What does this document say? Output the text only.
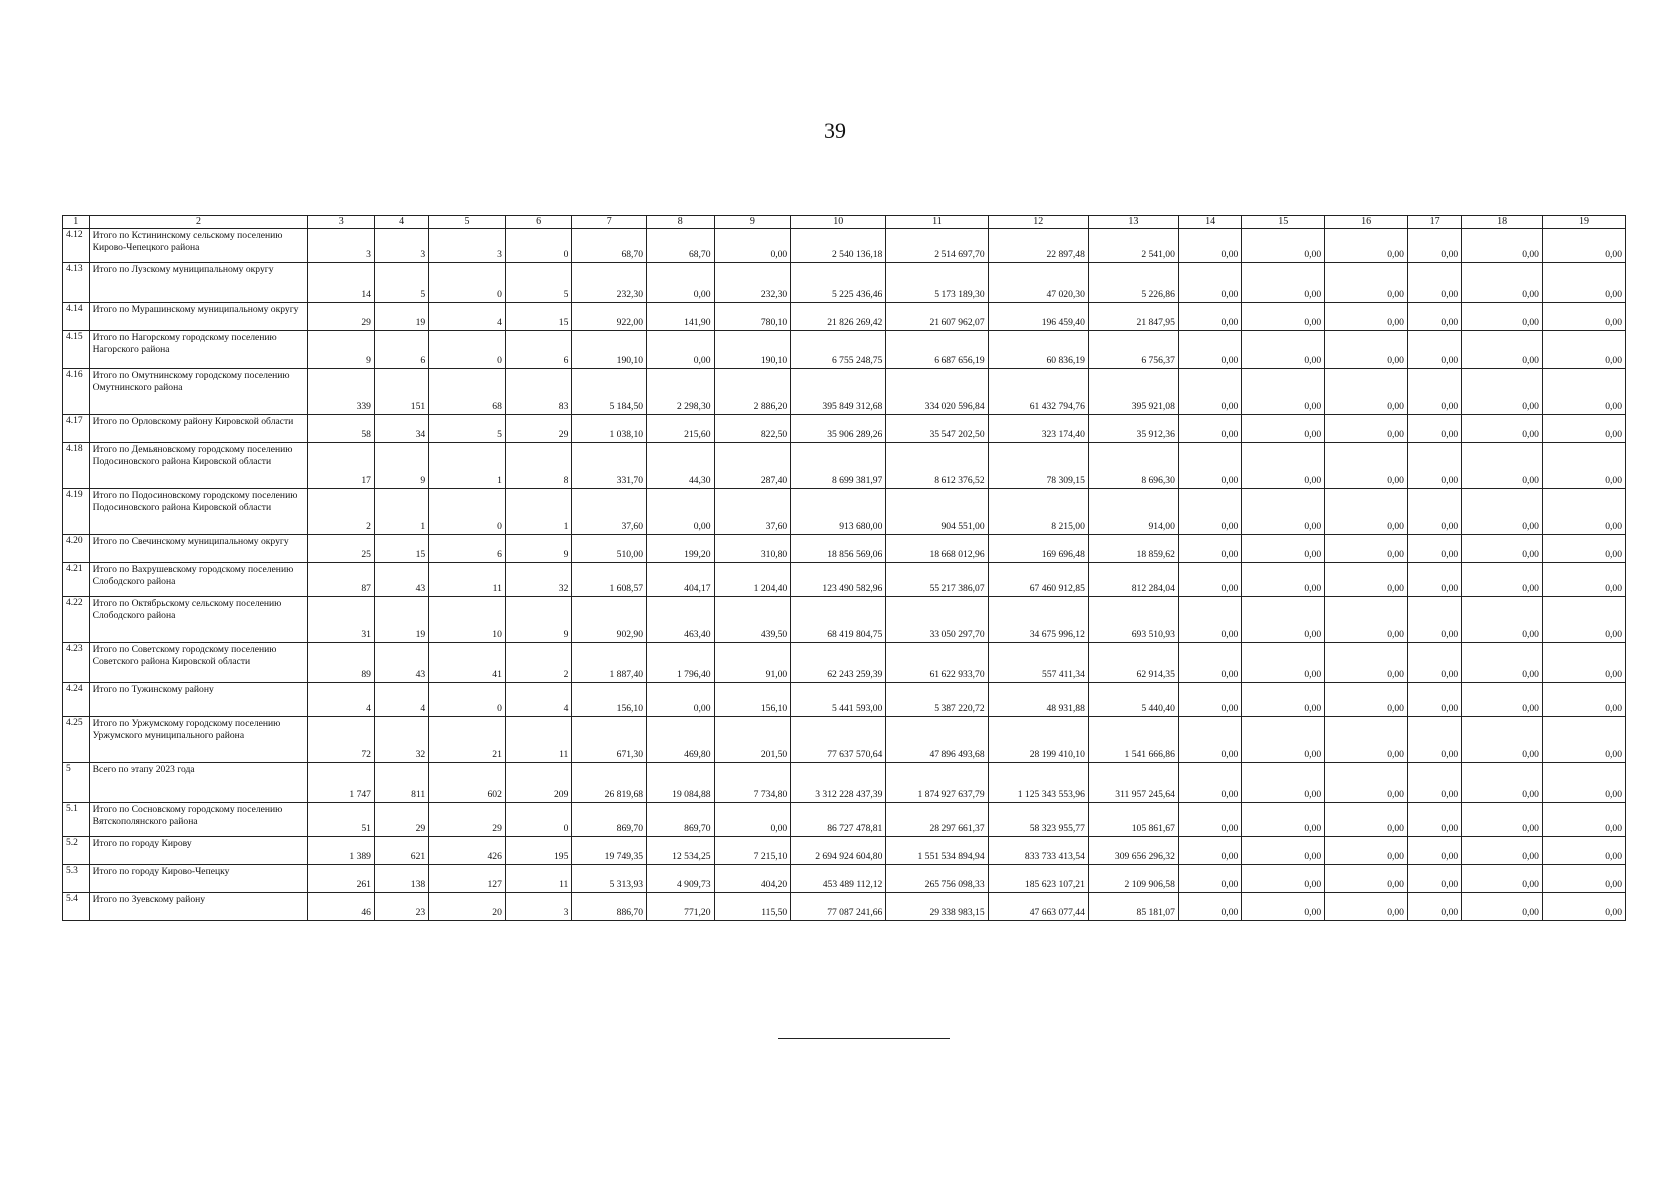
39
1	2	3	4	5	6	7	8	9	10	11	12	13	14	15	16	17	18	19
4.12	Итого по Кстининскому сельскому поселению Кирово-Чепецкого района	3	3	3	0	68,70	68,70	0,00	2 540 136,18	2 514 697,70	22 897,48	2 541,00	0,00	0,00	0,00	0,00	0,00	0,00
4.13	Итого по Лузскому муниципальному округу	14	5	0	5	232,30	0,00	232,30	5 225 436,46	5 173 189,30	47 020,30	5 226,86	0,00	0,00	0,00	0,00	0,00	0,00
4.14	Итого по Мурашинскому муниципальному округу	29	19	4	15	922,00	141,90	780,10	21 826 269,42	21 607 962,07	196 459,40	21 847,95	0,00	0,00	0,00	0,00	0,00	0,00
4.15	Итого по Нагорскому городскому поселению Нагорского района	9	6	0	6	190,10	0,00	190,10	6 755 248,75	6 687 656,19	60 836,19	6 756,37	0,00	0,00	0,00	0,00	0,00	0,00
4.16	Итого по Омутнинскому городскому поселению Омутнинского района	339	151	68	83	5 184,50	2 298,30	2 886,20	395 849 312,68	334 020 596,84	61 432 794,76	395 921,08	0,00	0,00	0,00	0,00	0,00	0,00
4.17	Итого по Орловскому району Кировской области	58	34	5	29	1 038,10	215,60	822,50	35 906 289,26	35 547 202,50	323 174,40	35 912,36	0,00	0,00	0,00	0,00	0,00	0,00
4.18	Итого по Демьяновскому городскому поселению Подосиновского района Кировской области	17	9	1	8	331,70	44,30	287,40	8 699 381,97	8 612 376,52	78 309,15	8 696,30	0,00	0,00	0,00	0,00	0,00	0,00
4.19	Итого по Подосиновскому городскому поселению Подосиновского района Кировской области	2	1	0	1	37,60	0,00	37,60	913 680,00	904 551,00	8 215,00	914,00	0,00	0,00	0,00	0,00	0,00	0,00
4.20	Итого по Свечинскому муниципальному округу	25	15	6	9	510,00	199,20	310,80	18 856 569,06	18 668 012,96	169 696,48	18 859,62	0,00	0,00	0,00	0,00	0,00	0,00
4.21	Итого по Вахрушевскому городскому поселению Слободского района	87	43	11	32	1 608,57	404,17	1 204,40	123 490 582,96	55 217 386,07	67 460 912,85	812 284,04	0,00	0,00	0,00	0,00	0,00	0,00
4.22	Итого по Октябрьскому сельскому поселению Слободского района	31	19	10	9	902,90	463,40	439,50	68 419 804,75	33 050 297,70	34 675 996,12	693 510,93	0,00	0,00	0,00	0,00	0,00	0,00
4.23	Итого по Советскому городскому поселению Советского района Кировской области	89	43	41	2	1 887,40	1 796,40	91,00	62 243 259,39	61 622 933,70	557 411,34	62 914,35	0,00	0,00	0,00	0,00	0,00	0,00
4.24	Итого по Тужинскому району	4	4	0	4	156,10	0,00	156,10	5 441 593,00	5 387 220,72	48 931,88	5 440,40	0,00	0,00	0,00	0,00	0,00	0,00
4.25	Итого по Уржумскому городскому поселению Уржумского муниципального района	72	32	21	11	671,30	469,80	201,50	77 637 570,64	47 896 493,68	28 199 410,10	1 541 666,86	0,00	0,00	0,00	0,00	0,00	0,00
5	Всего по этапу 2023 года	1 747	811	602	209	26 819,68	19 084,88	7 734,80	3 312 228 437,39	1 874 927 637,79	1 125 343 553,96	311 957 245,64	0,00	0,00	0,00	0,00	0,00	0,00
5.1	Итого по Сосновскому городскому поселению Вятскополянского района	51	29	29	0	869,70	869,70	0,00	86 727 478,81	28 297 661,37	58 323 955,77	105 861,67	0,00	0,00	0,00	0,00	0,00	0,00
5.2	Итого по городу Кирову	1 389	621	426	195	19 749,35	12 534,25	7 215,10	2 694 924 604,80	1 551 534 894,94	833 733 413,54	309 656 296,32	0,00	0,00	0,00	0,00	0,00	0,00
5.3	Итого по городу Кирово-Чепецку	261	138	127	11	5 313,93	4 909,73	404,20	453 489 112,12	265 756 098,33	185 623 107,21	2 109 906,58	0,00	0,00	0,00	0,00	0,00	0,00
5.4	Итого по Зуевскому району	46	23	20	3	886,70	771,20	115,50	77 087 241,66	29 338 983,15	47 663 077,44	85 181,07	0,00	0,00	0,00	0,00	0,00	0,00
